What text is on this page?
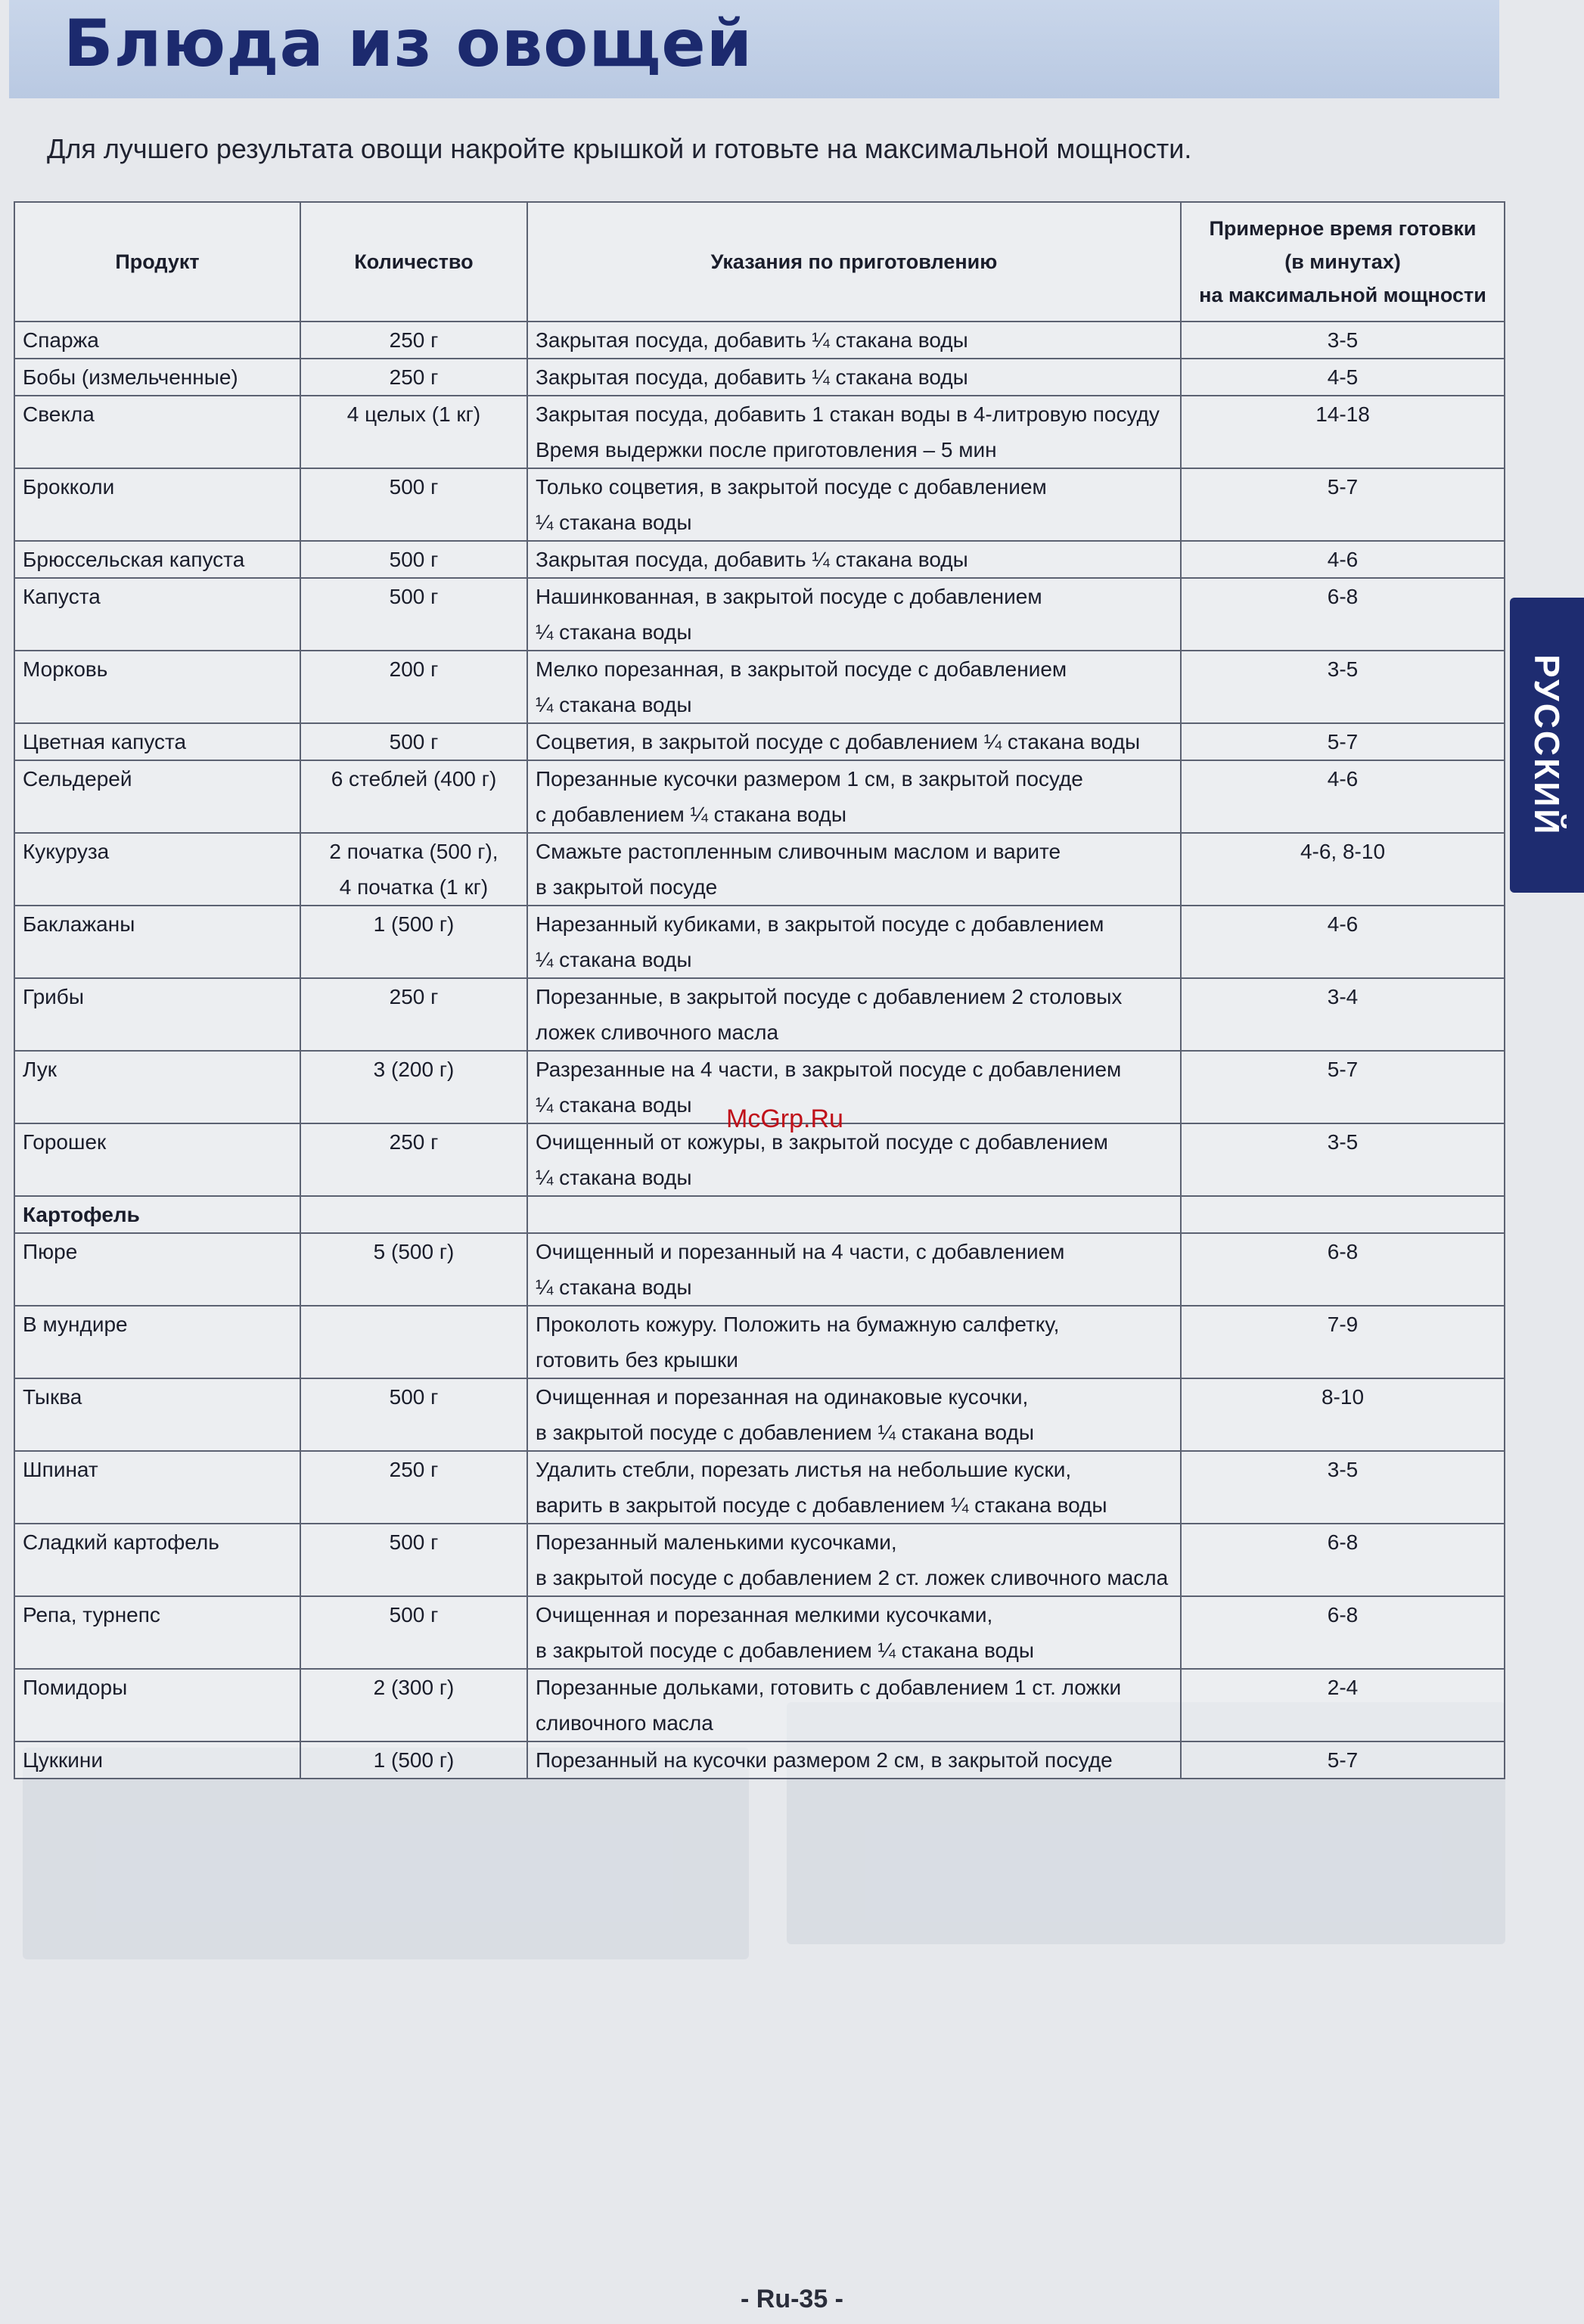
Блюда из овощей
Для лучшего результата овощи накройте крышкой и готовьте на максимальной мощности.
РУССКИЙ
Продукт	Количество	Указания по приготовлению	Примерное время готовки
(в минутах)
на максимальной мощности

Спаржа	250 г	Закрытая посуда, добавить ¼ стакана воды	3-5

Бобы (измельченные)	250 г	Закрытая посуда, добавить ¼ стакана воды	4-5

Свекла	4 целых (1 кг)	Закрытая посуда, добавить 1 стакан воды в 4-литровую посуду
Время выдержки после приготовления – 5 мин	14-18

Брокколи	500 г	Только соцветия, в закрытой посуде с добавлением
¼ стакана воды	5-7

Брюссельская капуста	500 г	Закрытая посуда, добавить ¼ стакана воды	4-6

Капуста	500 г	Нашинкованная, в закрытой посуде с добавлением
¼ стакана воды	6-8

Морковь	200 г	Мелко порезанная, в закрытой посуде с добавлением
¼ стакана воды	3-5

Цветная капуста	500 г	Соцветия, в закрытой посуде с добавлением ¼ стакана воды	5-7

Сельдерей	6 стеблей (400 г)	Порезанные кусочки размером 1 см, в закрытой посуде
с добавлением ¼ стакана воды	4-6

Кукуруза	2 початка (500 г),
4 початка (1 кг)	Смажьте растопленным сливочным маслом и варите
в закрытой посуде	4-6, 8-10

Баклажаны	1 (500 г)	Нарезанный кубиками, в закрытой посуде с добавлением
¼ стакана воды	4-6

Грибы	250 г	Порезанные, в закрытой посуде с добавлением 2 столовых
ложек сливочного масла	3-4

Лук	3 (200 г)	Разрезанные на 4 части, в закрытой посуде с добавлением
¼ стакана воды	5-7

Горошек	250 г	Очищенный от кожуры, в закрытой посуде с добавлением
¼ стакана воды	3-5

Картофель			

Пюре	5 (500 г)	Очищенный и порезанный на 4 части, с добавлением
¼ стакана воды	6-8

В мундире		Проколоть кожуру. Положить на бумажную салфетку,
готовить без крышки	7-9

Тыква	500 г	Очищенная и порезанная на одинаковые кусочки,
в закрытой посуде с добавлением ¼ стакана воды	8-10

Шпинат	250 г	Удалить стебли, порезать листья на небольшие куски,
варить в закрытой посуде с добавлением ¼ стакана воды	3-5

Сладкий картофель	500 г	Порезанный маленькими кусочками,
в закрытой посуде с добавлением 2 ст. ложек сливочного масла	6-8

Репа, турнепс	500 г	Очищенная и порезанная мелкими кусочками,
в закрытой посуде с добавлением ¼ стакана воды	6-8

Помидоры	2 (300 г)	Порезанные дольками, готовить с добавлением 1 ст. ложки
сливочного масла	2-4

Цуккини	1 (500 г)	Порезанный на кусочки размером 2 см, в закрытой посуде	5-7
McGrp.Ru
- Ru-35 -
